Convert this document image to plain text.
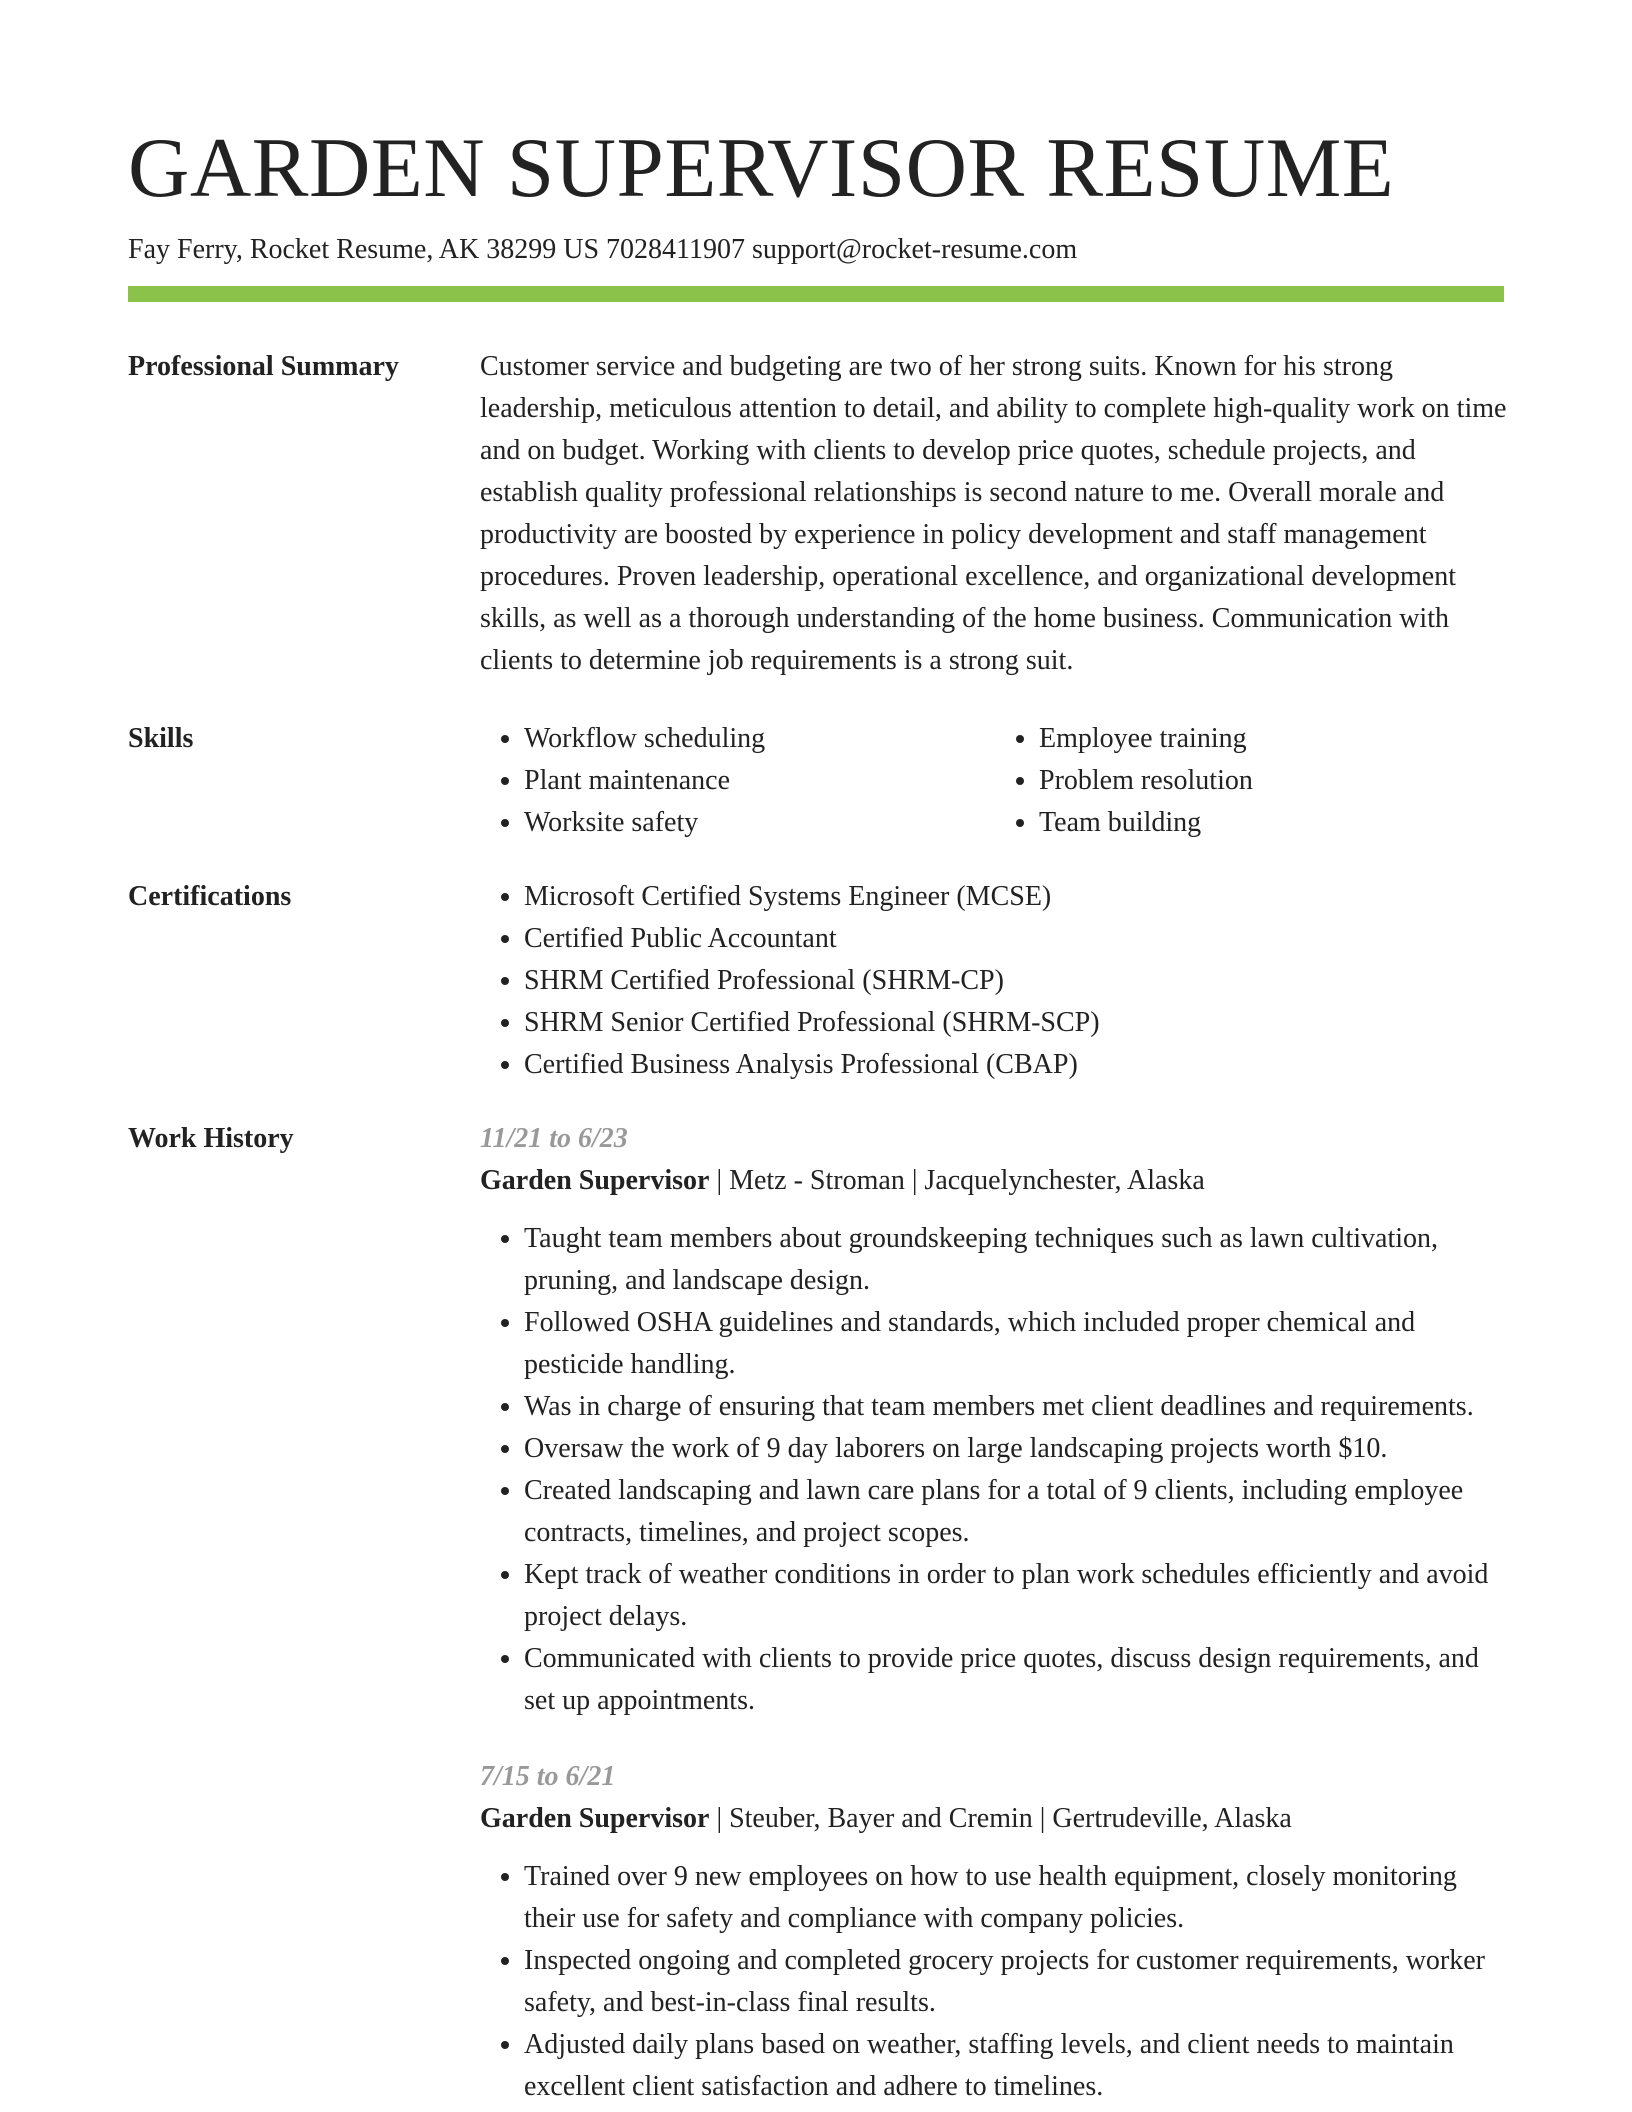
GARDEN SUPERVISOR RESUME
Fay Ferry, Rocket Resume, AK 38299 US 7028411907 support@rocket-resume.com
Professional Summary	Customer service and budgeting are two of her strong suits. Known for his strong leadership, meticulous attention to detail, and ability to complete high-quality work on time and on budget. Working with clients to develop price quotes, schedule projects, and establish quality professional relationships is second nature to me. Overall morale and productivity are boosted by experience in policy development and staff management procedures. Proven leadership, operational excellence, and organizational development skills, as well as a thorough understanding of the home business. Communication with clients to determine job requirements is a strong suit.

Skills	• Workflow scheduling
• Plant maintenance
• Worksite safety
• Employee training
• Problem resolution
• Team building
Certifications	• Microsoft Certified Systems Engineer (MCSE)
• Certified Public Accountant
• SHRM Certified Professional (SHRM-CP)
• SHRM Senior Certified Professional (SHRM-SCP)
• Certified Business Analysis Professional (CBAP)
Work History	11/21 to 6/23
Garden Supervisor | Metz - Stroman | Jacquelynchester, Alaska
• Taught team members about groundskeeping techniques such as lawn cultivation, pruning, and landscape design.
• Followed OSHA guidelines and standards, which included proper chemical and pesticide handling.
• Was in charge of ensuring that team members met client deadlines and requirements.
• Oversaw the work of 9 day laborers on large landscaping projects worth $10.
• Created landscaping and lawn care plans for a total of 9 clients, including employee contracts, timelines, and project scopes.
• Kept track of weather conditions in order to plan work schedules efficiently and avoid project delays.
• Communicated with clients to provide price quotes, discuss design requirements, and set up appointments.
7/15 to 6/21
Garden Supervisor | Steuber, Bayer and Cremin | Gertrudeville, Alaska
• Trained over 9 new employees on how to use health equipment, closely monitoring their use for safety and compliance with company policies.
• Inspected ongoing and completed grocery projects for customer requirements, worker safety, and best-in-class final results.
• Adjusted daily plans based on weather, staffing levels, and client needs to maintain excellent client satisfaction and adhere to timelines.
